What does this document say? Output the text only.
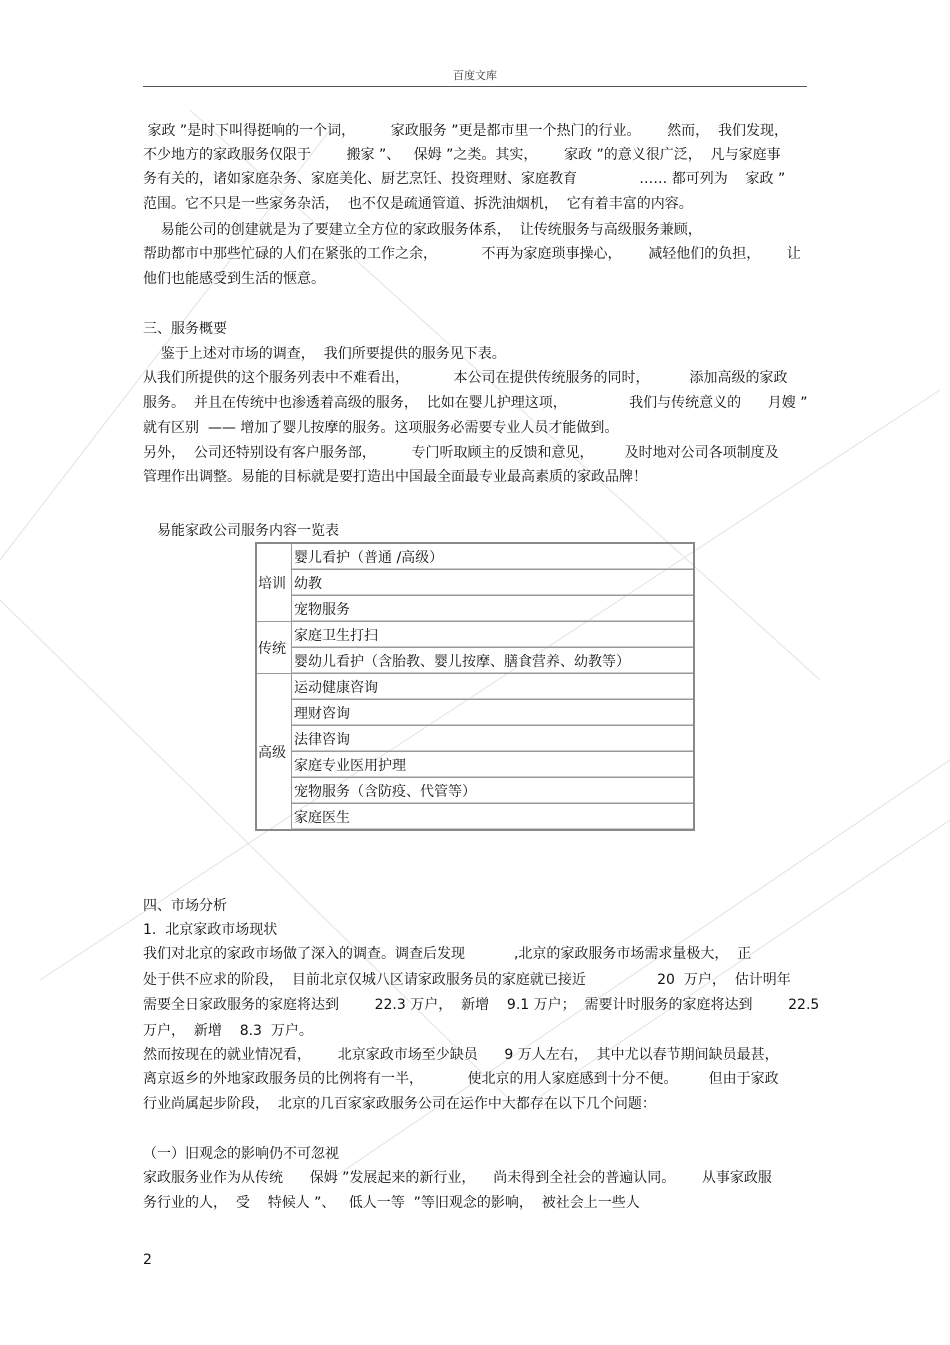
百度文库
家政 ”是时下叫得挺响的一个词，        家政服务 ”更是都市里一个热门的行业。      然而，  我们发现，
不少地方的家政服务仅限于        搬家 ”、   保姆 ”之类。其实，      家政 ”的意义很广泛，  凡与家庭事
务有关的，诸如家庭杂务、家庭美化、厨艺烹饪、投资理财、家庭教育              …… 都可列为    家政 ”
范围。它不只是一些家务杂活，  也不仅是疏通管道、拆洗油烟机，  它有着丰富的内容。
易能公司的创建就是为了要建立全方位的家政服务体系，  让传统服务与高级服务兼顾，
帮助都市中那些忙碌的人们在紧张的工作之余，          不再为家庭琐事操心，      减轻他们的负担，      让
他们也能感受到生活的惬意。
三、服务概要
鉴于上述对市场的调查，  我们所要提供的服务见下表。
从我们所提供的这个服务列表中不难看出，          本公司在提供传统服务的同时，         添加高级的家政
服务。  并且在传统中也渗透着高级的服务，  比如在婴儿护理这项，              我们与传统意义的      月嫂 ”
就有区别  —— 增加了婴儿按摩的服务。这项服务必需要专业人员才能做到。
另外，  公司还特别设有客户服务部，        专门听取顾主的反馈和意见，       及时地对公司各项制度及
管理作出调整。易能的目标就是要打造出中国最全面最专业最高素质的家政品牌！
易能家政公司服务内容一览表
培训	婴儿看护（普通 /高级）
	幼教
	宠物服务
传统	家庭卫生打扫
	婴幼儿看护（含胎教、婴儿按摩、膳食营养、幼教等）
高级	运动健康咨询
	理财咨询
	法律咨询
	家庭专业医用护理
	宠物服务（含防疫、代管等）
	家庭医生
四、市场分析
1.  北京家政市场现状
我们对北京的家政市场做了深入的调查。调查后发现           ,北京的家政服务市场需求量极大，  正
处于供不应求的阶段，  目前北京仅城八区请家政服务员的家庭就已接近                20  万户，  估计明年
需要全日家政服务的家庭将达到        22.3 万户，  新增    9.1 万户；  需要计时服务的家庭将达到        22.5
万户，  新增    8.3  万户。
然而按现在的就业情况看，      北京家政市场至少缺员      9 万人左右，  其中尤以春节期间缺员最甚，
离京返乡的外地家政服务员的比例将有一半，          使北京的用人家庭感到十分不便。       但由于家政
行业尚属起步阶段，  北京的几百家家政服务公司在运作中大都存在以下几个问题：
（一）旧观念的影响仍不可忽视
家政服务业作为从传统      保姆 ”发展起来的新行业，    尚未得到全社会的普遍认同。      从事家政服
务行业的人，  受    特候人 ”、   低人一等  ”等旧观念的影响，  被社会上一些人
2
